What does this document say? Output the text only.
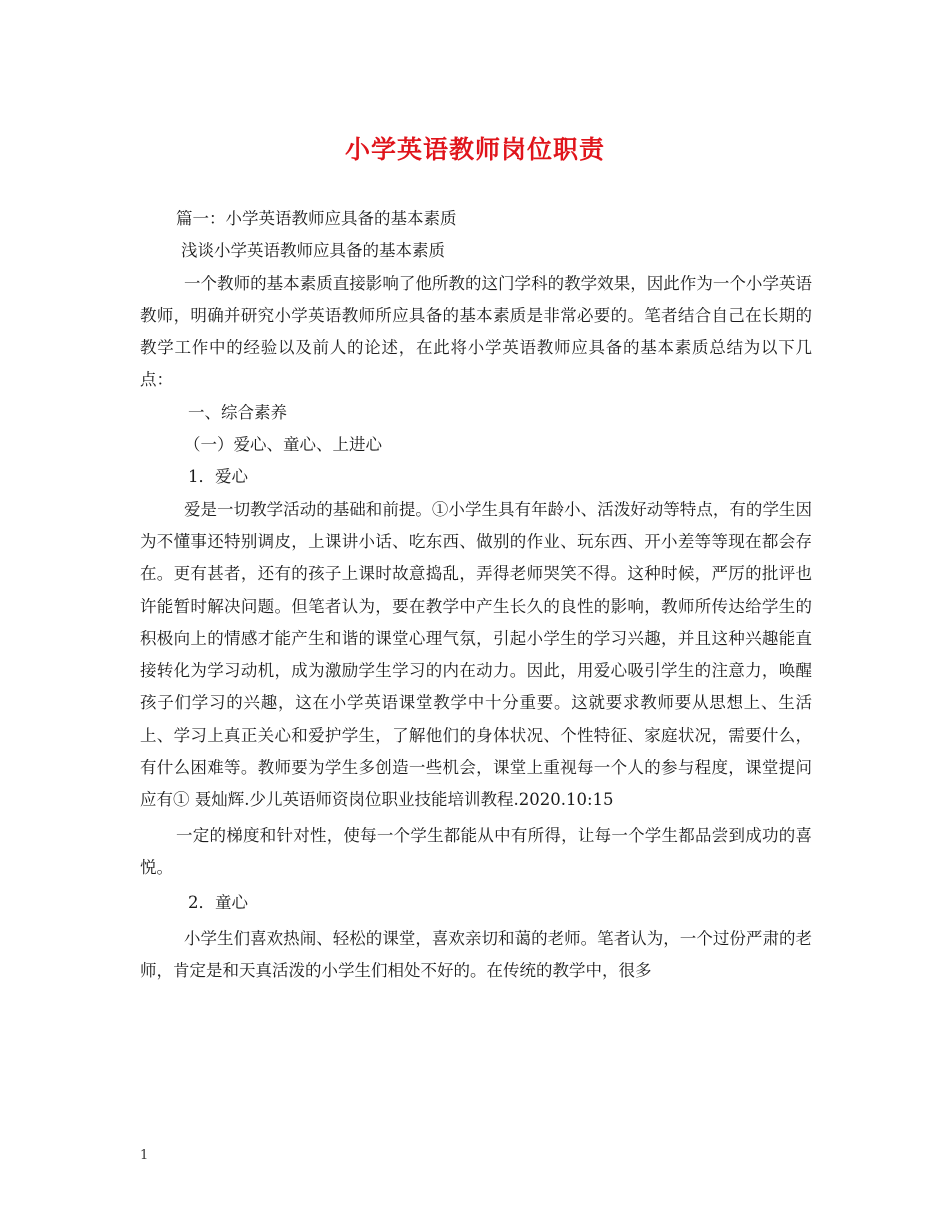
小学英语教师岗位职责

篇一：小学英语教师应具备的基本素质

浅谈小学英语教师应具备的基本素质

一个教师的基本素质直接影响了他所教的这门学科的教学效果，因此作为一个小学英语教师，明确并研究小学英语教师所应具备的基本素质是非常必要的。笔者结合自己在长期的教学工作中的经验以及前人的论述，在此将小学英语教师应具备的基本素质总结为以下几点：

一、综合素养

（一）爱心、童心、上进心

1．爱心

爱是一切教学活动的基础和前提。①小学生具有年龄小、活泼好动等特点，有的学生因为不懂事还特别调皮，上课讲小话、吃东西、做别的作业、玩东西、开小差等等现在都会存在。更有甚者，还有的孩子上课时故意捣乱，弄得老师哭笑不得。这种时候，严厉的批评也许能暂时解决问题。但笔者认为，要在教学中产生长久的良性的影响，教师所传达给学生的积极向上的情感才能产生和谐的课堂心理气氛，引起小学生的学习兴趣，并且这种兴趣能直接转化为学习动机，成为激励学生学习的内在动力。因此，用爱心吸引学生的注意力，唤醒孩子们学习的兴趣，这在小学英语课堂教学中十分重要。这就要求教师要从思想上、生活上、学习上真正关心和爱护学生，了解他们的身体状况、个性特征、家庭状况，需要什么，有什么困难等。教师要为学生多创造一些机会，课堂上重视每一个人的参与程度，课堂提问应有① 聂灿辉.少儿英语师资岗位职业技能培训教程.2020.10:15

一定的梯度和针对性，使每一个学生都能从中有所得，让每一个学生都品尝到成功的喜悦。

2．童心

小学生们喜欢热闹、轻松的课堂，喜欢亲切和蔼的老师。笔者认为，一个过份严肃的老师，肯定是和天真活泼的小学生们相处不好的。在传统的教学中，很多

1
